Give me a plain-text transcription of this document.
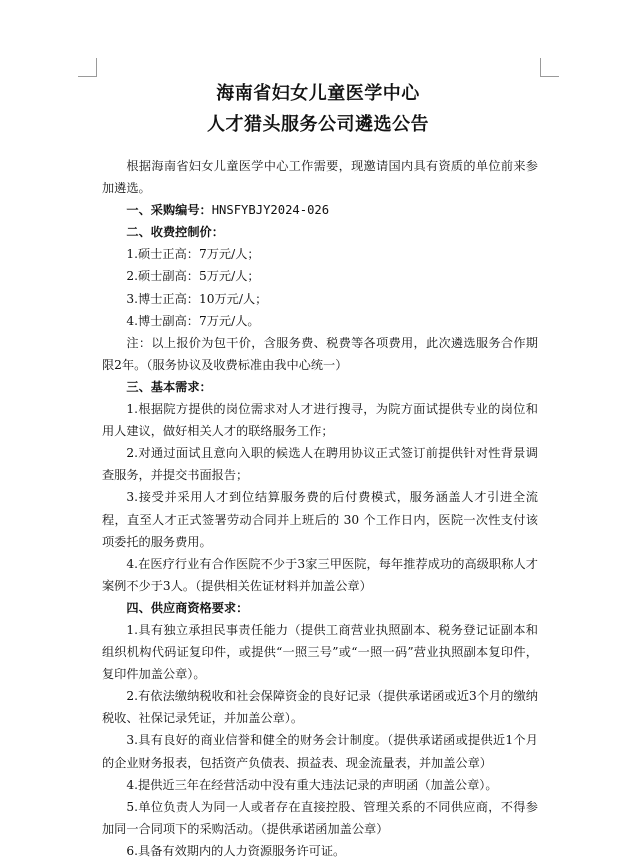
海南省妇女儿童医学中心
人才猎头服务公司遴选公告

根据海南省妇女儿童医学中心工作需要，现邀请国内具有资质的单位前来参加遴选。

一、采购编号：HNSFYBJY2024-026

二、收费控制价：

1.硕士正高：7万元/人；

2.硕士副高：5万元/人；

3.博士正高：10万元/人；

4.博士副高：7万元/人。

注：以上报价为包干价，含服务费、税费等各项费用，此次遴选服务合作期限2年。（服务协议及收费标准由我中心统一）

三、基本需求：

1.根据院方提供的岗位需求对人才进行搜寻，为院方面试提供专业的岗位和用人建议，做好相关人才的联络服务工作；

2.对通过面试且意向入职的候选人在聘用协议正式签订前提供针对性背景调查服务，并提交书面报告；

3.接受并采用人才到位结算服务费的后付费模式，服务涵盖人才引进全流程，直至人才正式签署劳动合同并上班后的 30 个工作日内，医院一次性支付该项委托的服务费用。

4.在医疗行业有合作医院不少于3家三甲医院，每年推荐成功的高级职称人才案例不少于3人。（提供相关佐证材料并加盖公章）

四、供应商资格要求：

1.具有独立承担民事责任能力（提供工商营业执照副本、税务登记证副本和组织机构代码证复印件，或提供“一照三号”或“一照一码”营业执照副本复印件，复印件加盖公章）。

2.有依法缴纳税收和社会保障资金的良好记录（提供承诺函或近3个月的缴纳税收、社保记录凭证，并加盖公章）。

3.具有良好的商业信誉和健全的财务会计制度。（提供承诺函或提供近1个月的企业财务报表，包括资产负债表、损益表、现金流量表，并加盖公章）

4.提供近三年在经营活动中没有重大违法记录的声明函（加盖公章）。

5.单位负责人为同一人或者存在直接控股、管理关系的不同供应商，不得参加同一合同项下的采购活动。（提供承诺函加盖公章）

6.具备有效期内的人力资源服务许可证。
